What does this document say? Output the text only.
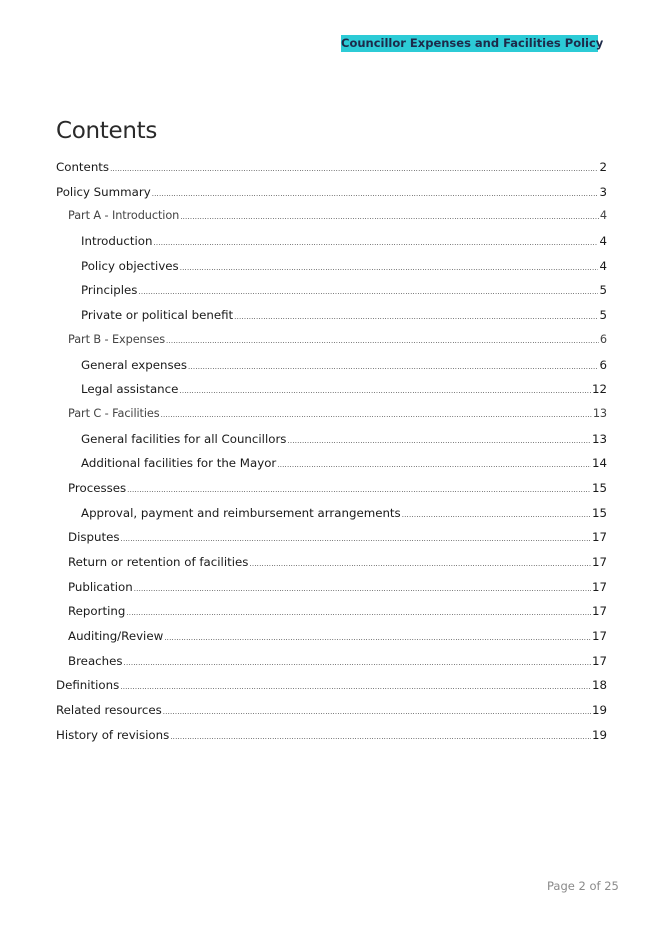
Councillor Expenses and Facilities Policy
Contents
Contents .....	2
Policy Summary .....	3
Part A - Introduction .....	4
Introduction .....	4
Policy objectives .....	4
Principles .....	5
Private or political benefit .....	5
Part B - Expenses .....	6
General expenses .....	6
Legal assistance .....	12
Part C - Facilities .....	13
General facilities for all Councillors .....	13
Additional facilities for the Mayor .....	14
Processes .....	15
Approval, payment and reimbursement arrangements .....	15
Disputes .....	17
Return or retention of facilities .....	17
Publication .....	17
Reporting .....	17
Auditing/Review .....	17
Breaches .....	17
Definitions .....	18
Related resources .....	19
History of revisions .....	19
Page 2 of 25
